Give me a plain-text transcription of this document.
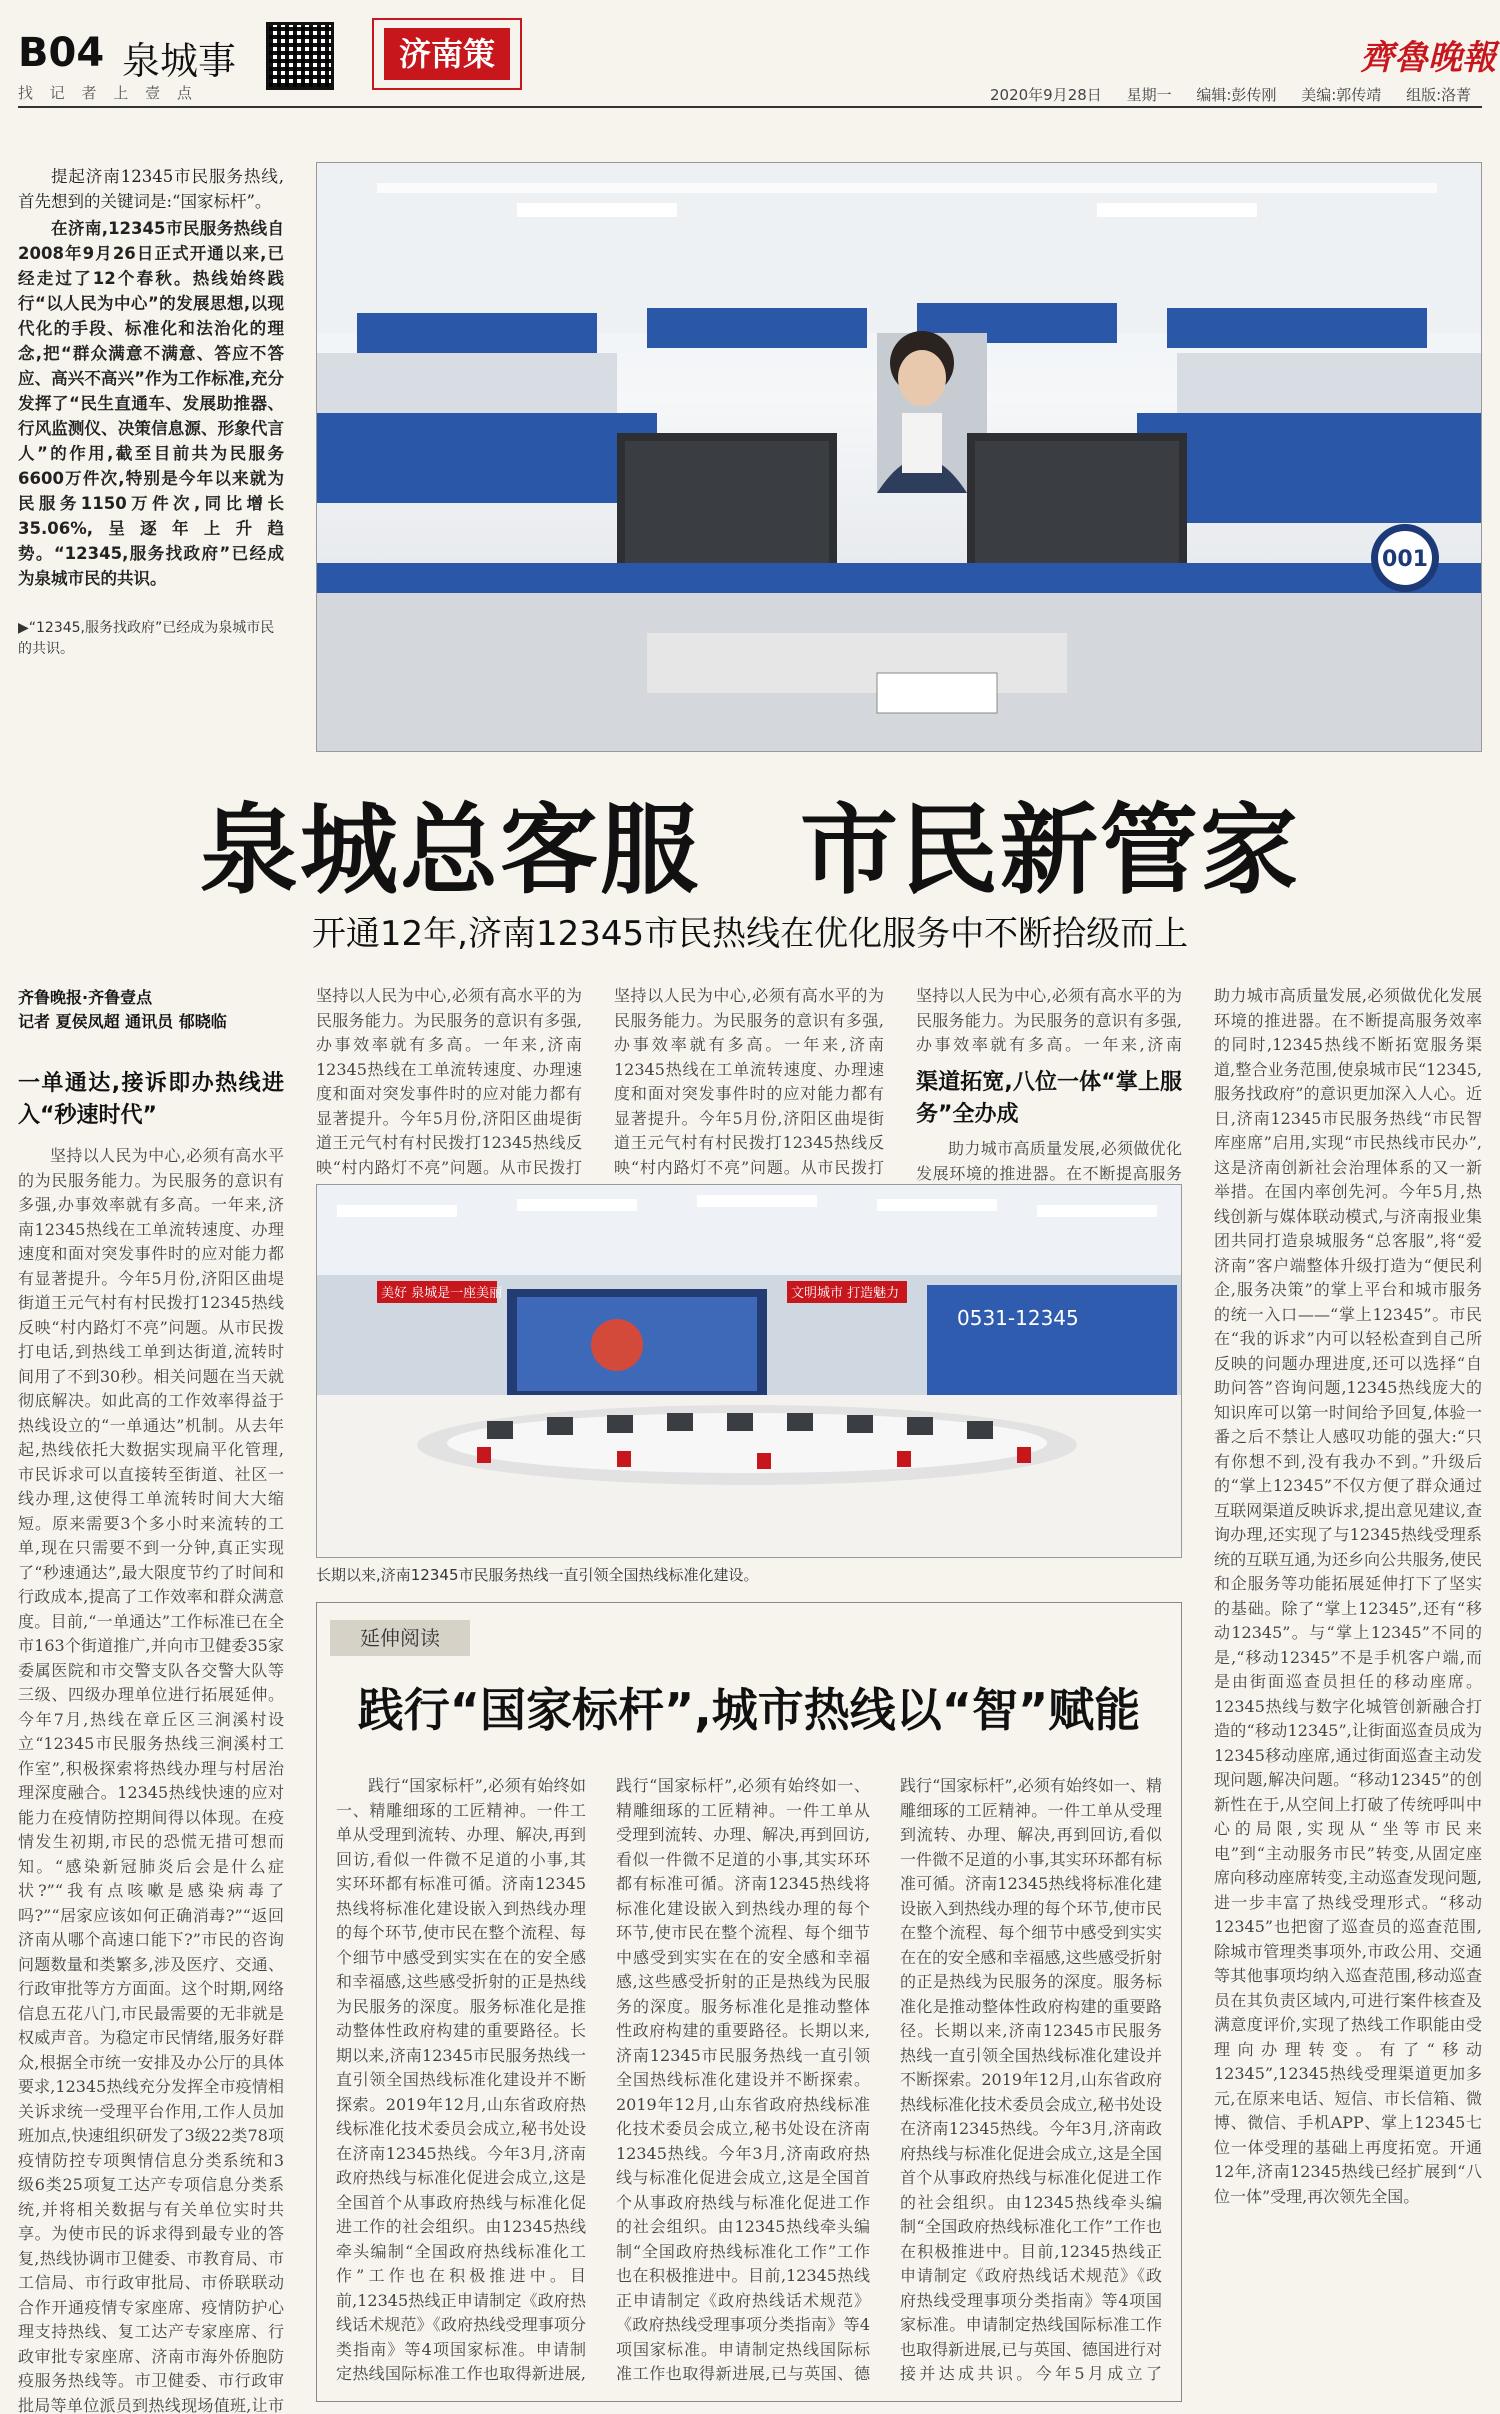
B04 泉城事	济南策	齊魯晚報
找 记 者 上 壹 点	2020年9月28日 星期一 编辑:彭传刚 美编:郭传靖 组版:洛菁

提起济南12345市民服务热线,首先想到的关键词是:“国家标杆”。

在济南,12345市民服务热线自2008年9月26日正式开通以来,已经走过了12个春秋。热线始终践行“以人民为中心”的发展思想,以现代化的手段、标准化和法治化的理念,把“群众满意不满意、答应不答应、高兴不高兴”作为工作标准,充分发挥了“民生直通车、发展助推器、行风监测仪、决策信息源、形象代言人”的作用,截至目前共为民服务6600万件次,特别是今年以来就为民服务1150万件次,同比增长35.06%,呈逐年上升趋势。“12345,服务找政府”已经成为泉城市民的共识。

▶“12345,服务找政府”已经成为泉城市民的共识。
001
泉城总客服　市民新管家
开通12年,济南12345市民热线在优化服务中不断拾级而上
齐鲁晚报·齐鲁壹点
记者 夏侯凤超 通讯员 郁晓临
一单通达,接诉即办热线进入“秒速时代”

坚持以人民为中心,必须有高水平的为民服务能力。为民服务的意识有多强,办事效率就有多高。一年来,济南12345热线在工单流转速度、办理速度和面对突发事件时的应对能力都有显著提升。今年5月份,济阳区曲堤街道王元气村有村民拨打12345热线反映“村内路灯不亮”问题。从市民拨打电话,到热线工单到达街道,流转时间用了不到30秒。相关问题在当天就彻底解决。如此高的工作效率得益于热线设立的“一单通达”机制。从去年起,热线依托大数据实现扁平化管理,市民诉求可以直接转至街道、社区一线办理,这使得工单流转时间大大缩短。原来需要3个多小时来流转的工单,现在只需要不到一分钟,真正实现了“秒速通达”,最大限度节约了时间和行政成本,提高了工作效率和群众满意度。目前,“一单通达”工作标准已在全市163个街道推广,并向市卫健委35家委属医院和市交警支队各交警大队等三级、四级办理单位进行拓展延伸。今年7月,热线在章丘区三涧溪村设立“12345市民服务热线三涧溪村工作室”,积极探索将热线办理与村居治理深度融合。12345热线快速的应对能力在疫情防控期间得以体现。在疫情发生初期,市民的恐慌无措可想而知。“感染新冠肺炎后会是什么症状?”“我有点咳嗽是感染病毒了吗?”“居家应该如何正确消毒?”“返回济南从哪个高速口能下?”市民的咨询问题数量和类繁多,涉及医疗、交通、行政审批等方方面面。这个时期,网络信息五花八门,市民最需要的无非就是权威声音。为稳定市民情绪,服务好群众,根据全市统一安排及办公厅的具体要求,12345热线充分发挥全市疫情相关诉求统一受理平台作用,工作人员加班加点,快速组织研发了3级22类78项疫情防控专项舆情信息分类系统和3级6类25项复工达产专项信息分类系统,并将相关数据与有关单位实时共享。为使市民的诉求得到最专业的答复,热线协调市卫健委、市教育局、市工信局、市行政审批局、市侨联联动合作开通疫情专家座席、疫情防护心理支持热线、复工达产专家座席、行政审批专家座席、济南市海外侨胞防疫服务热线等。市卫健委、市行政审批局等单位派员到热线现场值班,让市

坚持以人民为中心,必须有高水平的为民服务能力。为民服务的意识有多强,办事效率就有多高。一年来,济南12345热线在工单流转速度、办理速度和面对突发事件时的应对能力都有显著提升。今年5月份,济阳区曲堤街道王元气村有村民拨打12345热线反映“村内路灯不亮”问题。从市民拨打

坚持以人民为中心,必须有高水平的为民服务能力。为民服务的意识有多强,办事效率就有多高。一年来,济南12345热线在工单流转速度、办理速度和面对突发事件时的应对能力都有显著提升。今年5月份,济阳区曲堤街道王元气村有村民拨打12345热线反映“村内路灯不亮”问题。从市民拨打

坚持以人民为中心,必须有高水平的为民服务能力。为民服务的意识有多强,办事效率就有多高。一年来,济南

渠道拓宽,八位一体“掌上服务”全办成

助力城市高质量发展,必须做优化发展环境的推进器。在不断提高服务

助力城市高质量发展,必须做优化发展环境的推进器。在不断提高服务效率的同时,12345热线不断拓宽服务渠道,整合业务范围,使泉城市民“12345,服务找政府”的意识更加深入人心。近日,济南12345市民服务热线“市民智库座席”启用,实现“市民热线市民办”,这是济南创新社会治理体系的又一新举措。在国内率创先河。今年5月,热线创新与媒体联动模式,与济南报业集团共同打造泉城服务“总客服”,将“爱济南”客户端整体升级打造为“便民利企,服务决策”的掌上平台和城市服务的统一入口——“掌上12345”。市民在“我的诉求”内可以轻松查到自己所反映的问题办理进度,还可以选择“自助问答”咨询问题,12345热线庞大的知识库可以第一时间给予回复,体验一番之后不禁让人感叹功能的强大:“只有你想不到,没有我办不到。”升级后的“掌上12345”不仅方便了群众通过互联网渠道反映诉求,提出意见建议,查询办理,还实现了与12345热线受理系统的互联互通,为还乡向公共服务,使民和企服务等功能拓展延伸打下了坚实的基础。除了“掌上12345”,还有“移动12345”。与“掌上12345”不同的是,“移动12345”不是手机客户端,而是由街面巡查员担任的移动座席。12345热线与数字化城管创新融合打造的“移动12345”,让街面巡查员成为12345移动座席,通过街面巡查主动发现问题,解决问题。“移动12345”的创新性在于,从空间上打破了传统呼叫中心的局限,实现从“坐等市民来电”到“主动服务市民”转变,从固定座席向移动座席转变,主动巡查发现问题,进一步丰富了热线受理形式。“移动12345”也把窗了巡查员的巡查范围,除城市管理类事项外,市政公用、交通等其他事项均纳入巡查范围,移动巡查员在其负责区域内,可进行案件核查及满意度评价,实现了热线工作职能由受理向办理转变。有了“移动12345”,12345热线受理渠道更加多元,在原来电话、短信、市长信箱、微博、微信、手机APP、掌上12345七位一体受理的基础上再度拓宽。开通12年,济南12345热线已经扩展到“八位一体”受理,再次领先全国。

美好 泉城是一座美丽	文明城市 打造魅力
0531-12345
长期以来,济南12345市民服务热线一直引领全国热线标准化建设。
延伸阅读
践行“国家标杆”,城市热线以“智”赋能

践行“国家标杆”,必须有始终如一、精雕细琢的工匠精神。一件工单从受理到流转、办理、解决,再到回访,看似一件微不足道的小事,其实环环都有标准可循。济南12345热线将标准化建设嵌入到热线办理的每个环节,使市民在整个流程、每个细节中感受到实实在在的安全感和幸福感,这些感受折射的正是热线为民服务的深度。服务标准化是推动整体性政府构建的重要路径。长期以来,济南12345市民服务热线一直引领全国热线标准化建设并不断探索。2019年12月,山东省政府热线标准化技术委员会成立,秘书处设在济南12345热线。今年3月,济南政府热线与标准化促进会成立,这是全国首个从事政府热线与标准化促进工作的社会组织。由12345热线牵头编制“全国政府热线标准化工作”工作也在积极推进中。目前,12345热线正申请制定《政府热线话术规范》《政府热线受理事项分类指南》等4项国家标准。申请制定热线国际标准工作也取得新进展,

践行“国家标杆”,必须有始终如一、精雕细琢的工匠精神。一件工单从受理到流转、办理、解决,再到回访,看似一件微不足道的小事,其实环环都有标准可循。济南12345热线将标准化建设嵌入到热线办理的每个环节,使市民在整个流程、每个细节中感受到实实在在的安全感和幸福感,这些感受折射的正是热线为民服务的深度。服务标准化是推动整体性政府构建的重要路径。长期以来,济南12345市民服务热线一直引领全国热线标准化建设并不断探索。2019年12月,山东省政府热线标准化技术委员会成立,秘书处设在济南12345热线。今年3月,济南政府热线与标准化促进会成立,这是全国首个从事政府热线与标准化促进工作的社会组织。由12345热线牵头编制“全国政府热线标准化工作”工作也在积极推进中。目前,12345热线正申请制定《政府热线话术规范》《政府热线受理事项分类指南》等4项国家标准。申请制定热线国际标准工作也取得新进展,已与英国、德

践行“国家标杆”,必须有始终如一、精雕细琢的工匠精神。一件工单从受理到流转、办理、解决,再到回访,看似一件微不足道的小事,其实环环都有标准可循。济南12345热线将标准化建设嵌入到热线办理的每个环节,使市民在整个流程、每个细节中感受到实实在在的安全感和幸福感,这些感受折射的正是热线为民服务的深度。服务标准化是推动整体性政府构建的重要路径。长期以来,济南12345市民服务热线一直引领全国热线标准化建设并不断探索。2019年12月,山东省政府热线标准化技术委员会成立,秘书处设在济南12345热线。今年3月,济南政府热线与标准化促进会成立,这是全国首个从事政府热线与标准化促进工作的社会组织。由12345热线牵头编制“全国政府热线标准化工作”工作也在积极推进中。目前,12345热线正申请制定《政府热线话术规范》《政府热线受理事项分类指南》等4项国家标准。申请制定热线国际标准工作也取得新进展,已与英国、德国进行对接并达成共识。今年5月成立了
